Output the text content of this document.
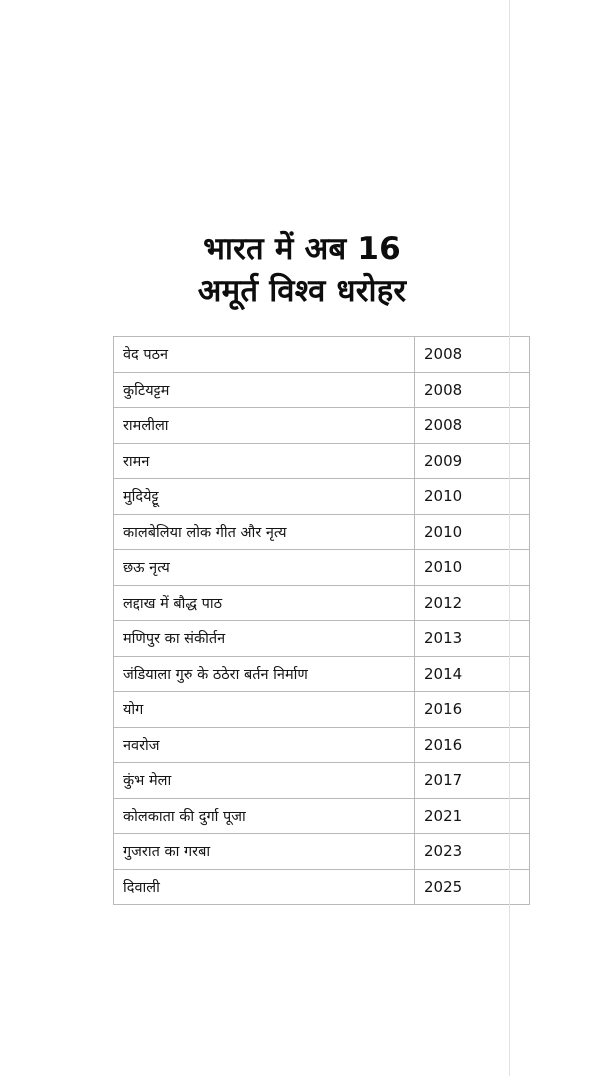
भारत में अब 16
अमूर्त विश्व धरोहर
वेद पठन	2008
कुटियट्टम	2008
रामलीला	2008
रामन	2009
मुदियेट्टू	2010
कालबेलिया लोक गीत और नृत्य	2010
छऊ नृत्य	2010
लद्दाख में बौद्ध पाठ	2012
मणिपुर का संकीर्तन	2013
जंडियाला गुरु के ठठेरा बर्तन निर्माण	2014
योग	2016
नवरोज	2016
कुंभ मेला	2017
कोलकाता की दुर्गा पूजा	2021
गुजरात का गरबा	2023
दिवाली	2025
